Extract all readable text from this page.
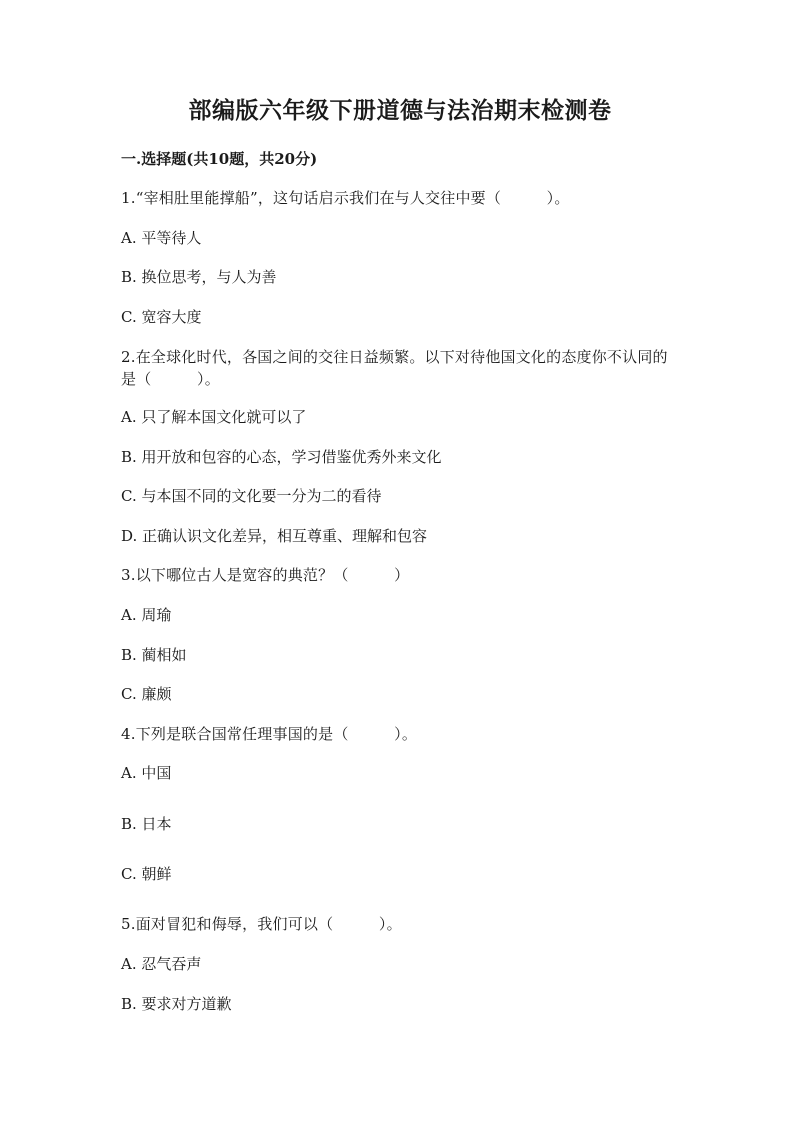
部编版六年级下册道德与法治期末检测卷
一.选择题(共10题，共20分)
1.“宰相肚里能撑船”，这句话启示我们在与人交往中要（　　　）。
A. 平等待人
B. 换位思考，与人为善
C. 宽容大度
2.在全球化时代，各国之间的交往日益频繁。以下对待他国文化的态度你不认同的是（　　　）。
A. 只了解本国文化就可以了
B. 用开放和包容的心态，学习借鉴优秀外来文化
C. 与本国不同的文化要一分为二的看待
D. 正确认识文化差异，相互尊重、理解和包容
3.以下哪位古人是宽容的典范？（　　　）
A. 周瑜
B. 蔺相如
C. 廉颇
4.下列是联合国常任理事国的是（　　　）。
A. 中国
B. 日本
C. 朝鲜
5.面对冒犯和侮辱，我们可以（　　　）。
A. 忍气吞声
B. 要求对方道歉
